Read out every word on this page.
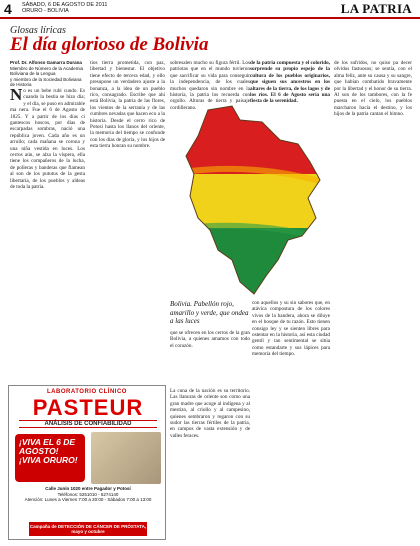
4 SÁBADO, 6 DE AGOSTO DE 2011
ORURO - BOLIVIA	LA PATRIA
Glosas líricas
El día glorioso de Bolivia
Prof. Dr. Alfonso Gamarra Durana
Miembro de Número de la Academia
Boliviana de la Lengua
y miembro de la Sociedad Boliviana
de Historia
N o es un bebe rubi cundo. Es cuando la bestia se hizo día; y el día, se puso en admirable ma nera. Fue el 6 de Agosto de 1825. Y a partir de los días ci gantescos hoscos, por días de escarpadas sombras, nació una república joven. Cada año es un arrullo; cada mañana se corona y una niña vestida en luces. Los cerros aún, se alza la víspera, ella tiene los compañeros de la lucha, de polleras y banderas que flamean al son de los pututus de la gesta libertaria, de los pueblos y aldeas de toda la patria.

tios tierra prometida, con paz, libertad y bienestar. El objetivo tiene efecto de tercera edad, y ello presupone un verdadero ajuste a la bonanza, a la idea de un pueblo rico, consagrado. Escribe que ahí está Bolivia, la patria de las flores, los vientos de la serranía y de las cumbres nevadas que hacen eco a la historia. Desde el cerro rico de Potosí hasta los llanos del oriente, la memoria del tiempo se confunde con los días de gloria, y los hijos de esta tierra honran su nombre.

sobresalen mucho su figura fértil. Los patriotas que en el mundo tuvieron que sacrificar su vida para conseguir la independencia, de los cuales muchos quedaron sin nombre en la historia, la patria los recuerda con orgullo. Alturas de tierra y paisaje cordillerano.

de la patria compuesta y el colorido, sorprende su propio espejo de la cultura de los pueblos originarios, que siguen sus ancestros en los altares de la tierra, de los lagos y de los ríos. El 6 de Agosto sería una fiesta de la serenidad.

de los sufridos, no quiso pa decer olvidos fastuosos; se sentía, con el alma feliz, ante su causa y su sangre, que habían combatido bravamente por la libertad y el honor de su tierra. Al son de los tambores, con la fe puesta en el cielo, los pueblos marcharon hacia el destino, y los hijos de la patria cantan el himno.

Bolivia. Pabellón rojo, amarillo y verde, que ondea a las luces

que se ofrecen en los cerros de la gran Bolivia, a quienes amamos con todo el corazón.

La cuna de la nación es su territorio. Las llanuras de oriente son como una gran madre que acoge al indígena y al mestizo, al criollo y al campesino, quienes sembraron y regaron con su sudor las tierras fértiles de la patria, en campos de vasta extensión y de valles feraces.

con aquellos y su sin sabores que, en atávica compostura de los colores vivos de la bandera, ahora se diluye en el bosque de tu razón. Esto tienen consigo ley y se sienten libres para ostentar en la historia, así esta ciudad gentil y tan sentimental se sitúa como estandarte y sus lápices para memoria del tiempo.

LABORATORIO CLÍNICO
PASTEUR
ANÁLISIS DE CONFIABILIDAD
¡VIVA EL 6 DE AGOSTO! ¡VIVA ORURO!
Calle Junín 1020 entre Pagador y Potosí
Teléfonos: 5251010 - 5274140
Atención: Lunes a Viernes 7:00 a 20:00 - Sábados 7:00 a 13:00
Campaña de DETECCIÓN DE CÁNCER DE PRÓSTATA, mayo y octubre
